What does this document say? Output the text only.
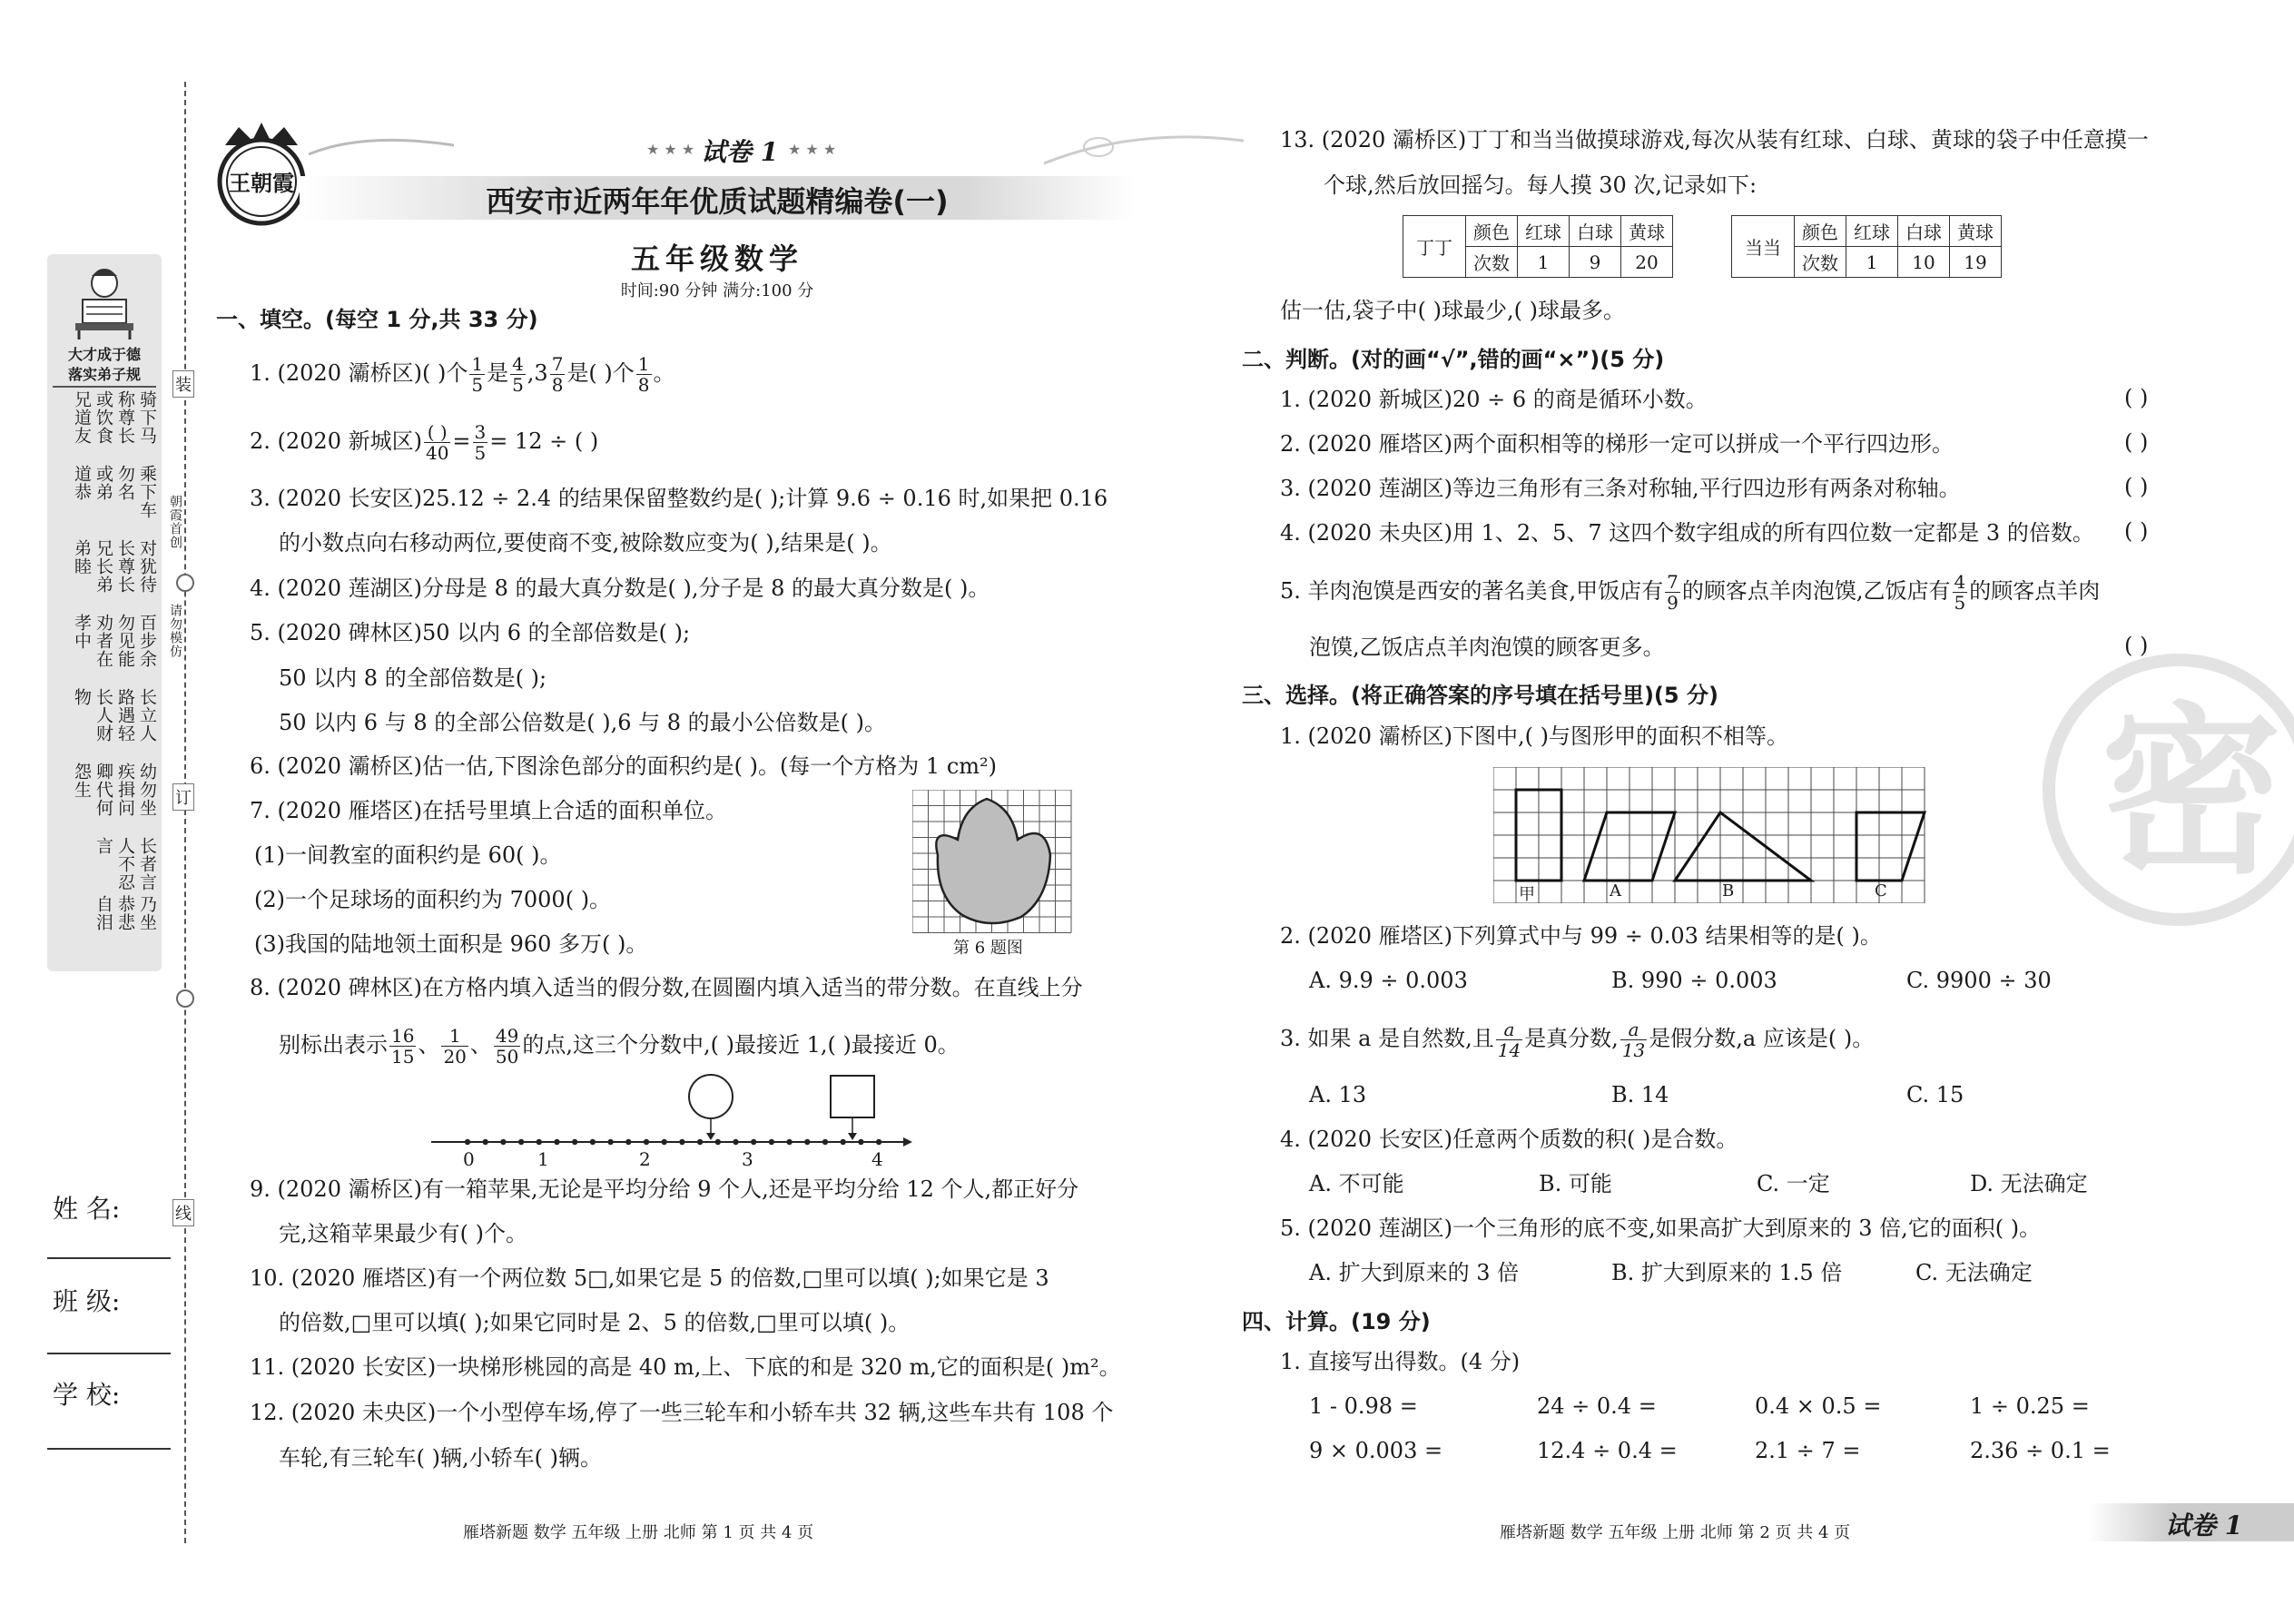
装
订
线
朝霞首创
请勿模仿
大才成于德
落实弟子规
骑下马
称尊长
或饮食
兄道友
乘下车
勿名
或弟
道恭
对犹待
长尊长
兄长弟
弟睦
百步余
勿见能
劝者在
孝中
长立人
路遇轻
长人财
物
幼勿坐
疾揖问
卿代何
怨生
长者言
人不忍
言
乃坐
恭悲
自泪
姓 名:
班 级:
学 校:
王朝霞
★ ★ ★ 试卷 1 ★ ★ ★
西安市近两年年优质试题精编卷(一)
五年级数学
时间:90 分钟 满分:100 分
一、填空。(每空 1 分,共 33 分)
1. (2020 灞桥区)( )个 $\frac{1}{5}$ 是 $\frac{4}{5} ,3 \frac{7}{8}$ 是( )个 $\frac{1}{8}$ 。
2. (2020 新城区) $\frac{( )}{40} = \frac{3}{5} = 12$ ÷ ( )
3. (2020 长安区)25.12 ÷ 2.4 的结果保留整数约是( );计算 9.6 ÷ 0.16 时,如果把 0.16
的小数点向右移动两位,要使商不变,被除数应变为( ),结果是( )。
4. (2020 莲湖区)分母是 8 的最大真分数是( ),分子是 8 的最大真分数是( )。
5. (2020 碑林区)50 以内 6 的全部倍数是( );
50 以内 8 的全部倍数是( );
50 以内 6 与 8 的全部公倍数是( ),6 与 8 的最小公倍数是( )。
6. (2020 灞桥区)估一估,下图涂色部分的面积约是( )。(每一个方格为 1 cm²)
7. (2020 雁塔区)在括号里填上合适的面积单位。
(1)一间教室的面积约是 60( )。
(2)一个足球场的面积约为 7000( )。
(3)我国的陆地领土面积是 960 多万( )。	第 6 题图
8. (2020 碑林区)在方格内填入适当的假分数,在圆圈内填入适当的带分数。在直线上分
别标出表示 $\frac{16}{15}$ 、 $\frac{1}{20}$ 、 $\frac{49}{50}$ 的点,这三个分数中,( )最接近 1,( )最接近 0。
0	1	2	3	4
9. (2020 灞桥区)有一箱苹果,无论是平均分给 9 个人,还是平均分给 12 个人,都正好分
完,这箱苹果最少有( )个。
10. (2020 雁塔区)有一个两位数 5□,如果它是 5 的倍数,□里可以填( );如果它是 3
的倍数,□里可以填( );如果它同时是 2、5 的倍数,□里可以填( )。
11. (2020 长安区)一块梯形桃园的高是 40 m,上、下底的和是 320 m,它的面积是( )m²。
12. (2020 未央区)一个小型停车场,停了一些三轮车和小轿车共 32 辆,这些车共有 108 个
车轮,有三轮车( )辆,小轿车( )辆。
雁塔新题 数学 五年级 上册 北师 第 1 页 共 4 页
13. (2020 灞桥区)丁丁和当当做摸球游戏,每次从装有红球、白球、黄球的袋子中任意摸一
个球,然后放回摇匀。每人摸 30 次,记录如下:
丁丁	颜色	红球	白球	黄球
	次数	1	9	20
当当	颜色	红球	白球	黄球
	次数	1	10	19
估一估,袋子中( )球最少,( )球最多。
二、判断。(对的画“√”,错的画“×”)(5 分)
1. (2020 新城区)20 ÷ 6 的商是循环小数。	( )
2. (2020 雁塔区)两个面积相等的梯形一定可以拼成一个平行四边形。	( )
3. (2020 莲湖区)等边三角形有三条对称轴,平行四边形有两条对称轴。	( )
4. (2020 未央区)用 1、2、5、7 这四个数字组成的所有四位数一定都是 3 的倍数。 ( )
5. 羊肉泡馍是西安的著名美食,甲饭店有 $\frac{7}{9}$ 的顾客点羊肉泡馍,乙饭店有 $\frac{4}{5}$ 的顾客点羊肉
泡馍,乙饭店点羊肉泡馍的顾客更多。	( )
三、选择。(将正确答案的序号填在括号里)(5 分)
1. (2020 灞桥区)下图中,( )与图形甲的面积不相等。
甲	A	B	C
2. (2020 雁塔区)下列算式中与 99 ÷ 0.03 结果相等的是( )。
A. 9.9 ÷ 0.003	B. 990 ÷ 0.003	C. 9900 ÷ 30
3. 如果 a 是自然数,且 $\frac{a}{14}$ 是真分数, $\frac{a}{13}$ 是假分数,a 应该是( )。
A. 13	B. 14	C. 15
4. (2020 长安区)任意两个质数的积( )是合数。
A. 不可能	B. 可能	C. 一定	D. 无法确定
5. (2020 莲湖区)一个三角形的底不变,如果高扩大到原来的 3 倍,它的面积( )。
A. 扩大到原来的 3 倍	B. 扩大到原来的 1.5 倍	C. 无法确定
四、计算。(19 分)
1. 直接写出得数。(4 分)
1 - 0.98 =	24 ÷ 0.4 =	0.4 × 0.5 =	1 ÷ 0.25 =
9 × 0.003 =	12.4 ÷ 0.4 =	2.1 ÷ 7 =	2.36 ÷ 0.1 =
密
雁塔新题 数学 五年级 上册 北师 第 2 页 共 4 页	试卷 1
